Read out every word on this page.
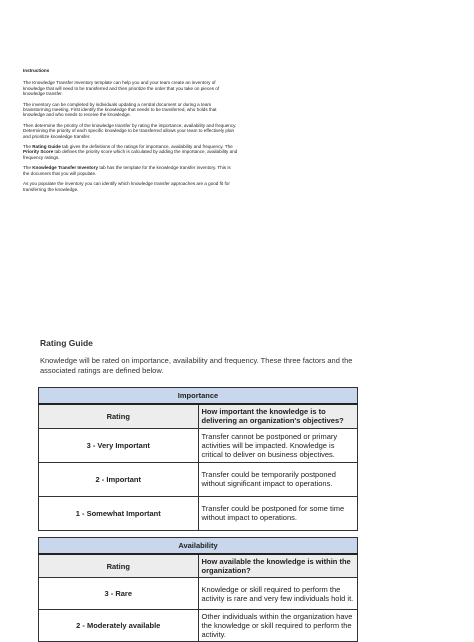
Instructions

The Knowledge Transfer Inventory template can help you and your team create an inventory of knowledge that will need to be transferred and then prioritize the order that you take on pieces of knowledge transfer.

The inventory can be completed by individuals updating a central document or during a team brainstorming meeting. First identify the knowledge that needs to be transferred, who holds that knowledge and who needs to receive the knowledge.

Then determine the priority of the knowledge transfer by rating the importance, availability and frequency. Determining the priority of each specific knowledge to be transferred allows your team to effectively plan and prioritize knowledge transfer.

The Rating Guide tab gives the definitions of the ratings for importance, availability and frequency. The Priority Score tab defines the priority score which is calculated by adding the importance, availability and frequency ratings.

The Knowledge Transfer Inventory tab has the template for the knowledge transfer inventory. This is the document that you will populate.

As you populate the inventory you can identify which knowledge transfer approaches are a good fit for transferring the knowledge.

Rating Guide
Knowledge will be rated on importance, availability and frequency. These three factors and the associated ratings are defined below.
Importance	
Rating	How important the knowledge is to delivering an organization's objectives?
3 - Very Important	Transfer cannot be postponed or primary activities will be impacted. Knowledge is critical to deliver on business objectives.
2 - Important	Transfer could be temporarily postponed without significant impact to operations.
1 - Somewhat Important	Transfer could be postponed for some time without impact to operations.
Availability	
Rating	How available the knowledge is within the organization?
3 - Rare	Knowledge or skill required to perform the activity is rare and very few individuals hold it.
2 - Moderately available	Other individuals within the organization have the knowledge or skill required to perform the activity.
